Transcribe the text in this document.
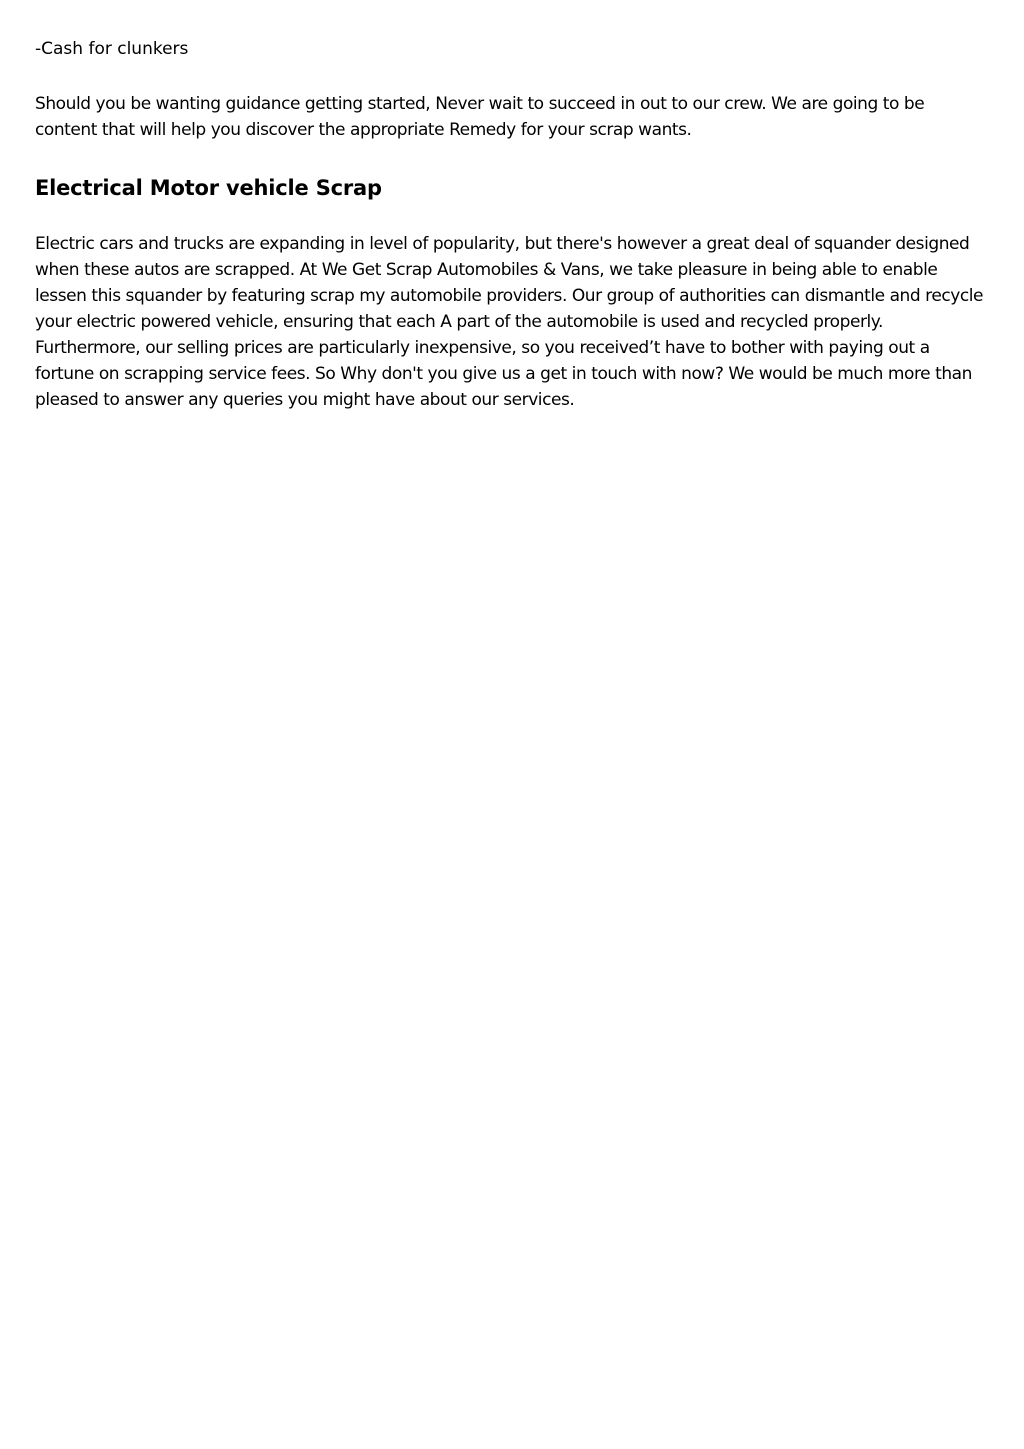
-Cash for clunkers

Should you be wanting guidance getting started, Never wait to succeed in out to our crew. We are going to be content that will help you discover the appropriate Remedy for your scrap wants.

Electrical Motor vehicle Scrap

Electric cars and trucks are expanding in level of popularity, but there's however a great deal of squander designed when these autos are scrapped. At We Get Scrap Automobiles & Vans, we take pleasure in being able to enable lessen this squander by featuring scrap my automobile providers. Our group of authorities can dismantle and recycle your electric powered vehicle, ensuring that each A part of the automobile is used and recycled properly. Furthermore, our selling prices are particularly inexpensive, so you received’t have to bother with paying out a fortune on scrapping service fees. So Why don't you give us a get in touch with now? We would be much more than pleased to answer any queries you might have about our services.
